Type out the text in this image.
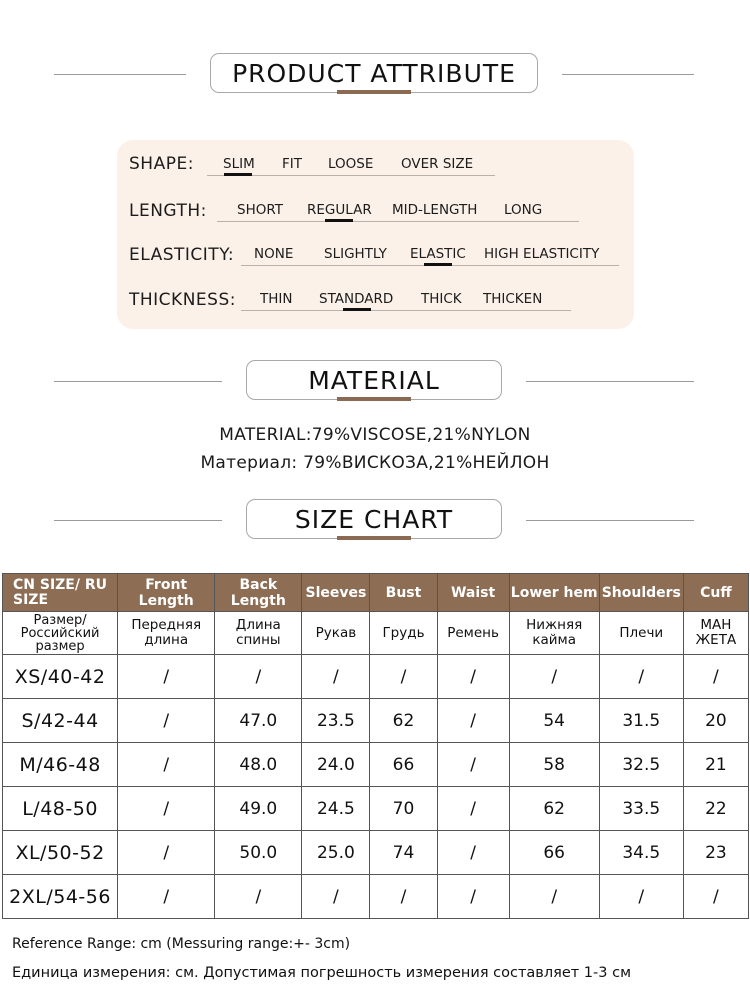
PRODUCT ATTRIBUTE
SHAPE: SLIM FIT LOOSE OVER SIZE
LENGTH: SHORT REGULAR MID-LENGTH LONG
ELASTICITY: NONE SLIGHTLY ELASTIC HIGH ELASTICITY
THICKNESS: THIN STANDARD THICK THICKEN
MATERIAL
MATERIAL:79%VISCOSE,21%NYLON
Материал: 79%ВИСКОЗА,21%НЕЙЛОН
SIZE CHART
CN SIZE/ RU SIZE	Front Length	Back Length	Sleeves	Bust	Waist	Lower hem	Shoulders	Cuff
Размер/ Российский размер	Передняя длина	Длина спины	Рукав	Грудь	Ремень	Нижняя кайма	Плечи	МАН ЖЕТА
XS/40-42	/	/	/	/	/	/	/	/
S/42-44	/	47.0	23.5	62	/	54	31.5	20
M/46-48	/	48.0	24.0	66	/	58	32.5	21
L/48-50	/	49.0	24.5	70	/	62	33.5	22
XL/50-52	/	50.0	25.0	74	/	66	34.5	23
2XL/54-56	/	/	/	/	/	/	/	/
Reference Range: cm (Messuring range:+- 3cm)
Единица измерения: см. Допустимая погрешность измерения составляет 1-3 см
